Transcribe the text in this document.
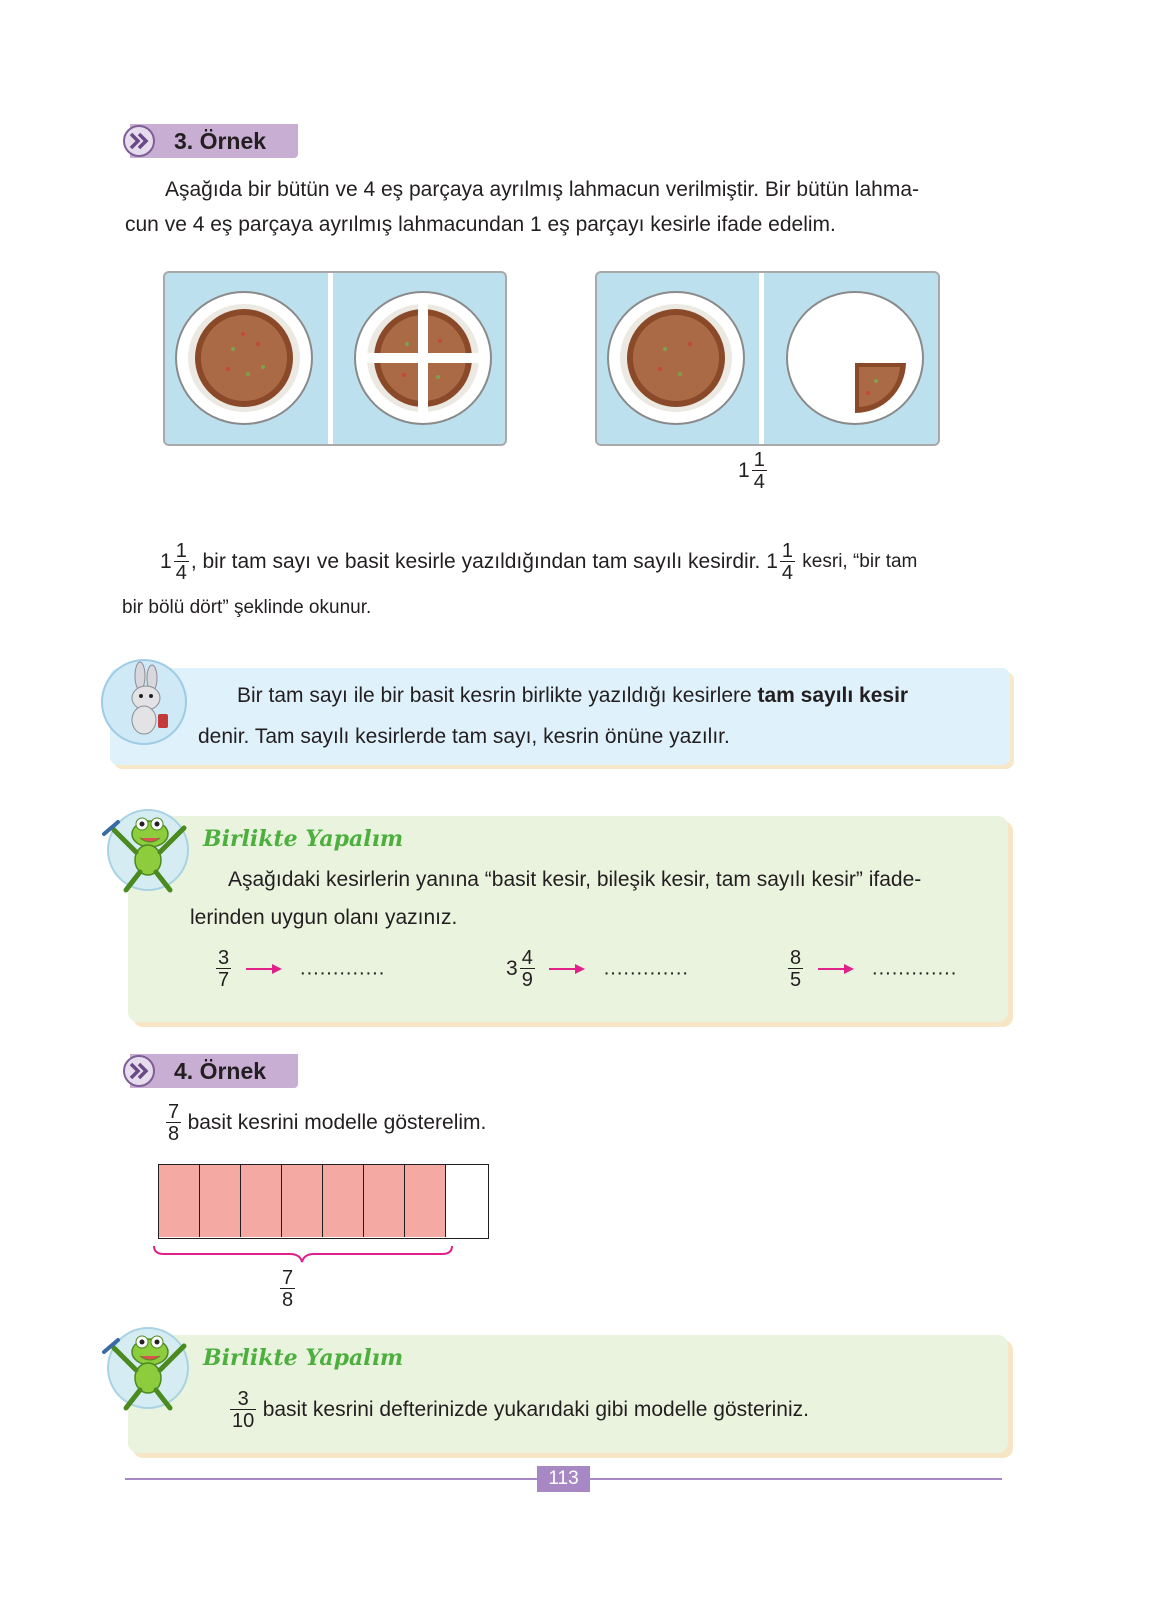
3. Örnek
Aşağıda bir bütün ve 4 eş parçaya ayrılmış lahmacun verilmiştir. Bir bütün lahma-
cun ve 4 eş parçaya ayrılmış lahmacundan 1 eş parçayı kesirle ifade edelim.
$1 \frac{1}{4}$
$1 \frac{1}{4}$ , bir tam sayı ve basit kesirle yazıldığından tam sayılı kesirdir. $1 \frac{1}{4}$ kesri, “bir tam
bir bölü dört” şeklinde okunur.
Bir tam sayı ile bir basit kesrin birlikte yazıldığı kesirlere tam sayılı kesir
denir. Tam sayılı kesirlerde tam sayı, kesrin önüne yazılır.
Birlikte Yapalım
Aşağıdaki kesirlerin yanına “basit kesir, bileşik kesir, tam sayılı kesir” ifade-
lerinden uygun olanı yazınız.
$\frac{3}{7}$	.............	$3 \frac{4}{9}$	.............	$\frac{8}{5}$	.............
4. Örnek
$\frac{7}{8}$ basit kesrini modelle gösterelim.
$\frac{7}{8}$
Birlikte Yapalım
$\frac{3}{10}$ basit kesrini defterinizde yukarıdaki gibi modelle gösteriniz.
113
